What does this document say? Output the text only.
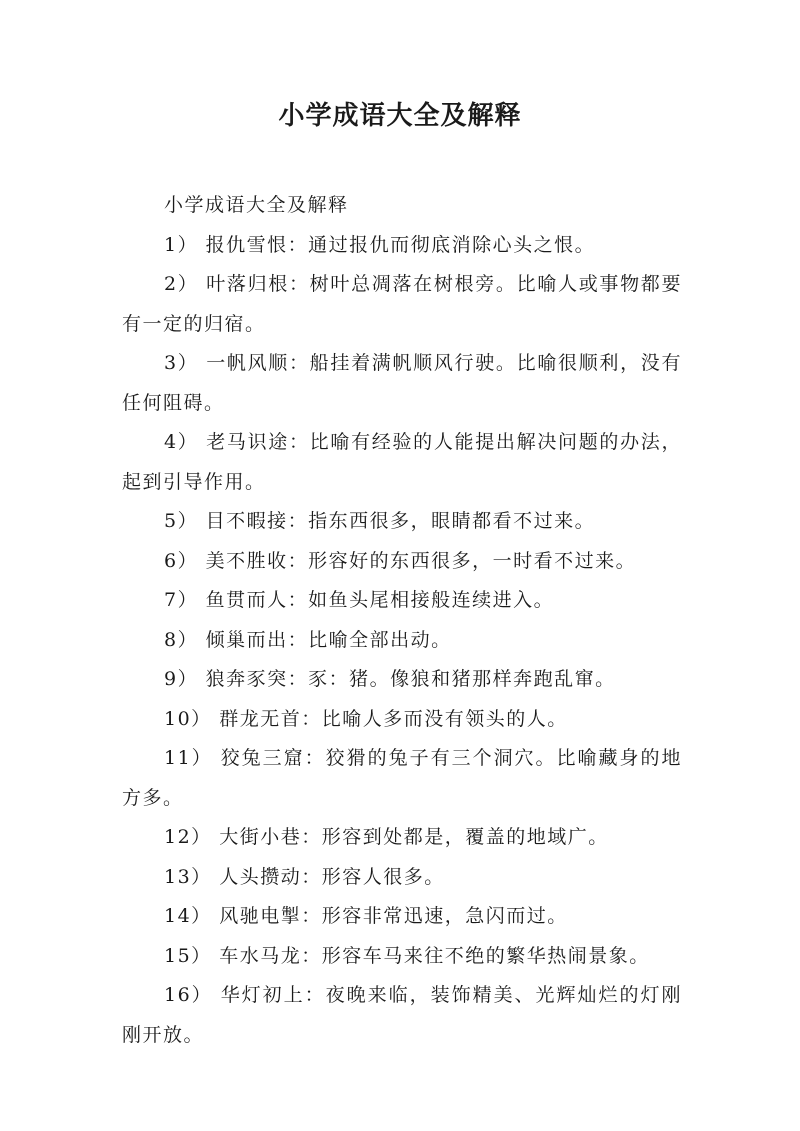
小学成语大全及解释

小学成语大全及解释

1） 报仇雪恨：通过报仇而彻底消除心头之恨。

2） 叶落归根：树叶总凋落在树根旁。比喻人或事物都要有一定的归宿。

3） 一帆风顺：船挂着满帆顺风行驶。比喻很顺利，没有任何阻碍。

4） 老马识途：比喻有经验的人能提出解决问题的办法，起到引导作用。

5） 目不暇接：指东西很多，眼睛都看不过来。

6） 美不胜收：形容好的东西很多，一时看不过来。

7） 鱼贯而人：如鱼头尾相接般连续进入。

8） 倾巢而出：比喻全部出动。

9） 狼奔豕突：豕：猪。像狼和猪那样奔跑乱窜。

10） 群龙无首：比喻人多而没有领头的人。

11） 狡兔三窟：狡猾的兔子有三个洞穴。比喻藏身的地方多。

12） 大街小巷：形容到处都是，覆盖的地域广。

13） 人头攒动：形容人很多。

14） 风驰电掣：形容非常迅速，急闪而过。

15） 车水马龙：形容车马来往不绝的繁华热闹景象。

16） 华灯初上：夜晚来临，装饰精美、光辉灿烂的灯刚刚开放。
